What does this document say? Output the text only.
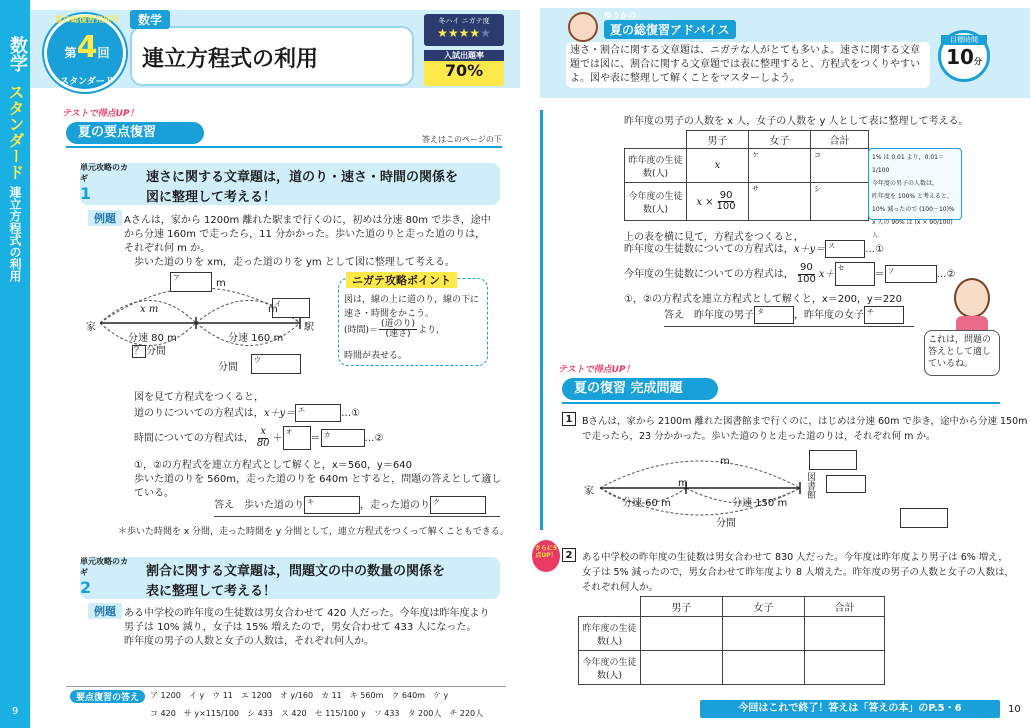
数学
スタンダード
連立方程式の利用
夏の総復習完成号
第4回
スタンダード
数学
連立方程式の利用
冬ハイ ニガテ度
★★★★★
入試出題率
70%
ゆうかの
夏の総復習アドバイス
速さ・割合に関する文章題は、ニガテな人がとても多いよ。速さに関する文章題では図に、割合に関する文章題では表に整理すると、方程式をつくりやすいよ。図や表に整理して解くことをマスターしよう。
目標時間
10分
テストで得点UP！
夏の要点復習	答えはこのページの下
単元攻略のカギ
1
速さに関する文章題は，道のり・速さ・時間の関係を
図に整理して考える！
例題 Aさんは，家から 1200m 離れた駅まで行くのに，初めは分速 80m で歩き，途中
から分速 160m で走ったら，11 分かかった。歩いた道のりと走った道のりは，
それぞれ何 m か。
歩いた道のりを xm，走った道のりを ym として図に整理して考える。
家	駅
ア
	m
x m	イ

m
分速 80 m	分速 160 m
？ 分間
ウ

分間
ニガテ攻略ポイント
図は，線の上に道のり，線の下に
速さ・時間をかこう。
(時間)＝ $\frac{\text{(道のり)}}{\text{(速さ)}}$ より，
時間が表せる。
図を見て方程式をつくると，
道のりについての方程式は，x＋y＝ エ	…①
時間についての方程式は， $\frac{x}{80}$ ＋
オ
＝ カ	…②
①，②の方程式を連立方程式として解くと，x＝560，y＝640
歩いた道のりを 560m，走った道のりを 640m とすると，問題の答えとして適し
ている。
答え　歩いた道のり キ	，走った道のり ク
＊歩いた時間を x 分間，走った時間を y 分間として，連立方程式をつくって解くこともできる。
単元攻略のカギ
2
割合に関する文章題は，問題文の中の数量の関係を
表に整理して考える！
例題 ある中学校の昨年度の生徒数は男女合わせて 420 人だった。今年度は昨年度より
男子は 10% 減り，女子は 15% 増えたので，男女合わせて 433 人になった。
昨年度の男子の人数と女子の人数は，それぞれ何人か。
要点復習の答え	ア 1200　イ y　ウ 11　エ 1200　オ y/160　カ 11　キ 560m　ク 640m　ケ y
コ 420　サ y×115/100　シ 433　ス 420　セ 115/100 y　ソ 433　タ 200人　チ 220人
9
昨年度の男子の人数を x 人，女子の人数を y 人として表に整理して考える。
	男子	女子	合計
昨年度の生徒数(人)	x	ケ	コ

今年度の生徒数(人)	$x \times \frac{90}{100}$	サ	シ
1% は 0.01 より，0.01＝1/100
今年度の男子の人数は，
昨年度を 100% と考えると，
10% 減ったので (100－10)%
x 人の 90% は (x × 90/100) 人
上の表を横に見て，方程式をつくると，
昨年度の生徒数についての方程式は，x＋y＝ ス	…①
今年度の生徒数についての方程式は， $\frac{90}{100} x+$
セ
＝ ソ	…②
①，②の方程式を連立方程式として解くと，x＝200，y＝220
答え　昨年度の男子 タ	，昨年度の女子 チ
これは，問題の答えとして適しているね。
テストで得点UP！
夏の復習 完成問題
1	Bさんは，家から 2100m 離れた図書館まで行くのに，はじめは分速 60m で歩き，途中から分速 150m
で走ったら，23 分かかった。歩いた道のりと走った道のりは，それぞれ何 m か。
家	図書館

m

m
分速 60 m	分速 150 m
分間
さらに5点UP！ 2	ある中学校の昨年度の生徒数は男女合わせて 830 人だった。今年度は昨年度より男子は 6% 増え，
女子は 5% 減ったので，男女合わせて昨年度より 8 人増えた。昨年度の男子の人数と女子の人数は，
それぞれ何人か。
	男子	女子	合計
昨年度の生徒数(人)			
今年度の生徒数(人)			
今回はこれで終了！答えは「答えの本」のP.5・6	10
